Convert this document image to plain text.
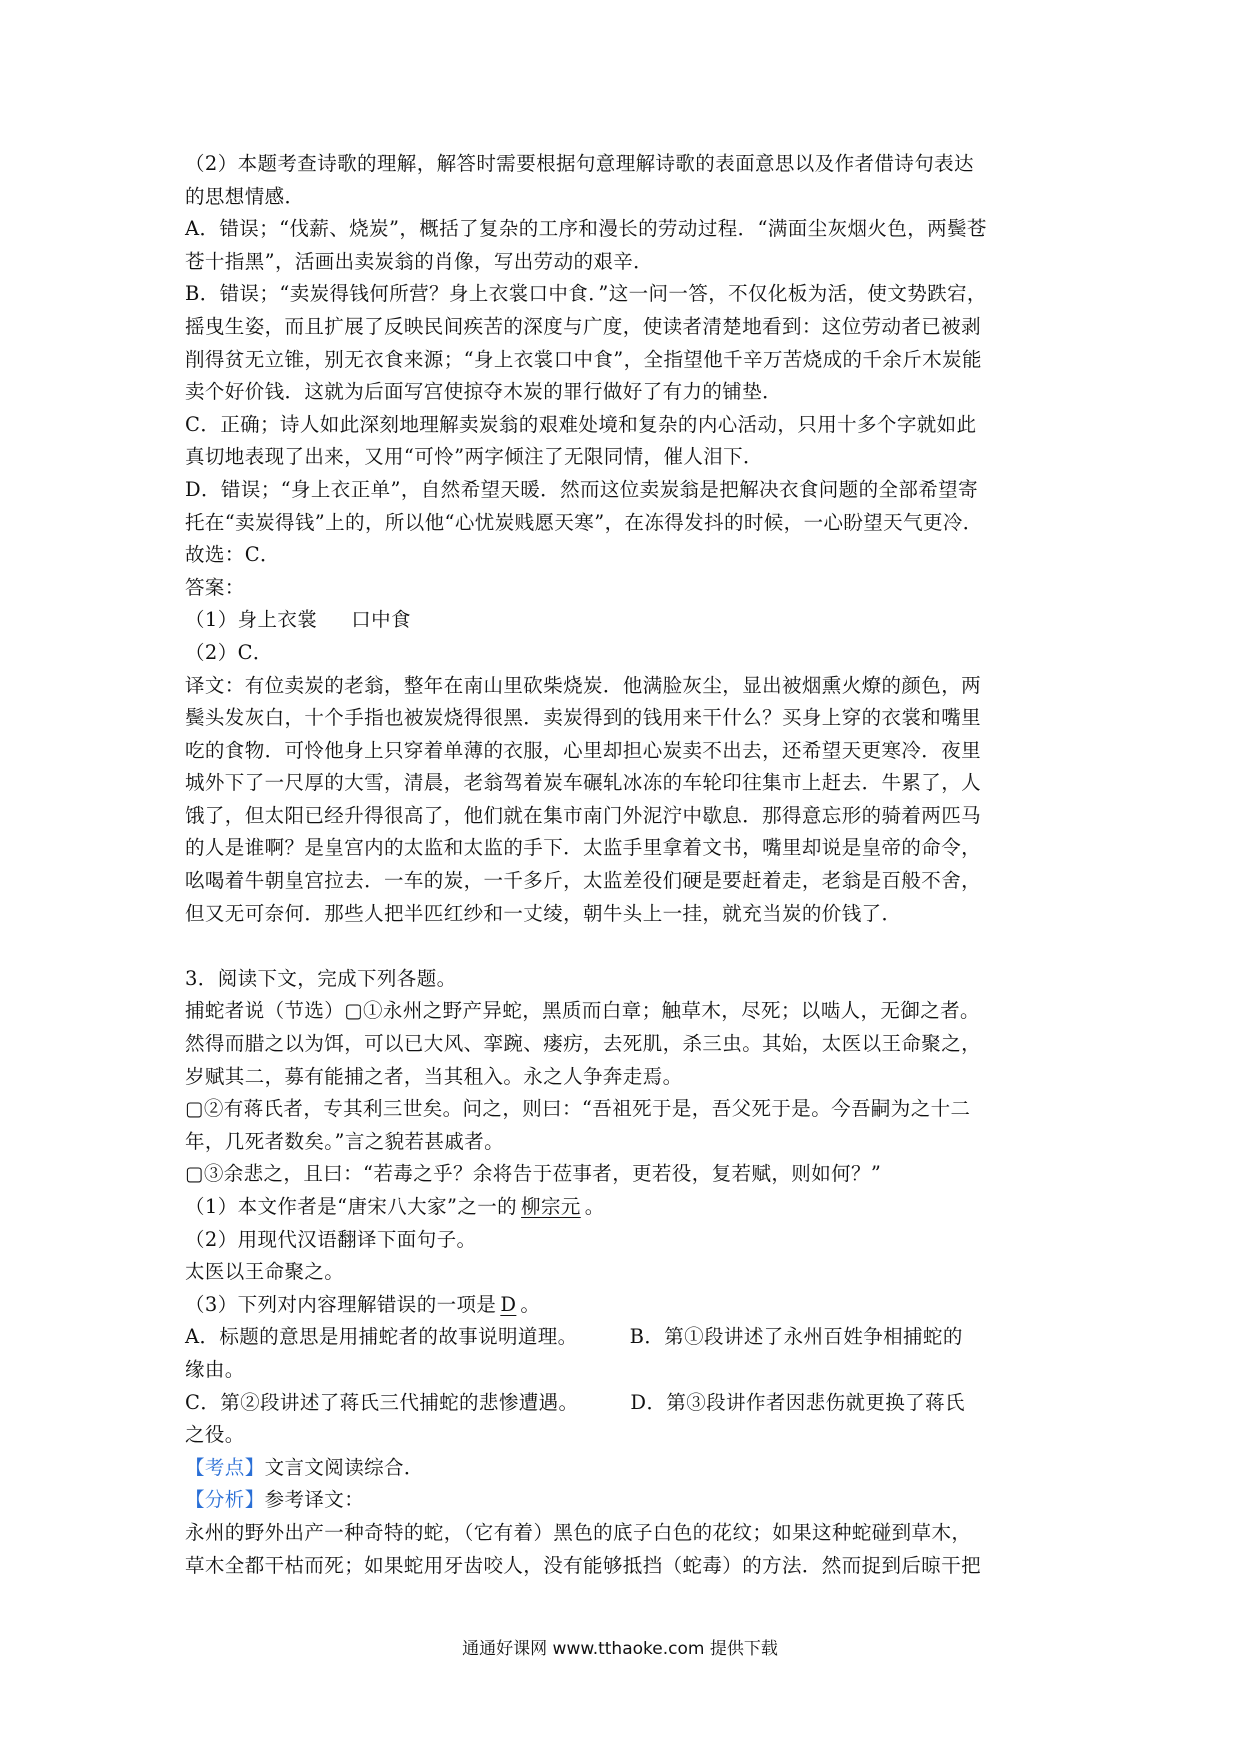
（2）本题考查诗歌的理解，解答时需要根据句意理解诗歌的表面意思以及作者借诗句表达
的思想情感．
A．错误；“伐薪、烧炭”，概括了复杂的工序和漫长的劳动过程．“满面尘灰烟火色，两鬓苍
苍十指黑”，活画出卖炭翁的肖像，写出劳动的艰辛．
B．错误；“卖炭得钱何所营？身上衣裳口中食．”这一问一答，不仅化板为活，使文势跌宕，
摇曳生姿，而且扩展了反映民间疾苦的深度与广度，使读者清楚地看到：这位劳动者已被剥
削得贫无立锥，别无衣食来源；“身上衣裳口中食”，全指望他千辛万苦烧成的千余斤木炭能
卖个好价钱．这就为后面写宫使掠夺木炭的罪行做好了有力的铺垫．
C．正确；诗人如此深刻地理解卖炭翁的艰难处境和复杂的内心活动，只用十多个字就如此
真切地表现了出来，又用“可怜”两字倾注了无限同情，催人泪下．
D．错误；“身上衣正单”，自然希望天暖．然而这位卖炭翁是把解决衣食问题的全部希望寄
托在“卖炭得钱”上的，所以他“心忧炭贱愿天寒”，在冻得发抖的时候，一心盼望天气更冷．
故选：C．
答案：
（1）身上衣裳 口中食
（2）C．
译文：有位卖炭的老翁，整年在南山里砍柴烧炭．他满脸灰尘，显出被烟熏火燎的颜色，两
鬓头发灰白，十个手指也被炭烧得很黑．卖炭得到的钱用来干什么？买身上穿的衣裳和嘴里
吃的食物．可怜他身上只穿着单薄的衣服，心里却担心炭卖不出去，还希望天更寒冷．夜里
城外下了一尺厚的大雪，清晨，老翁驾着炭车碾轧冰冻的车轮印往集市上赶去．牛累了，人
饿了，但太阳已经升得很高了，他们就在集市南门外泥泞中歇息．那得意忘形的骑着两匹马
的人是谁啊？是皇宫内的太监和太监的手下．太监手里拿着文书，嘴里却说是皇帝的命令，
吆喝着牛朝皇宫拉去．一车的炭，一千多斤，太监差役们硬是要赶着走，老翁是百般不舍，
但又无可奈何．那些人把半匹红纱和一丈绫，朝牛头上一挂，就充当炭的价钱了．
3．阅读下文，完成下列各题。
捕蛇者说（节选）▢①永州之野产异蛇，黑质而白章；触草木，尽死；以啮人，无御之者。
然得而腊之以为饵，可以已大风、挛踠、瘘疠，去死肌，杀三虫。其始，太医以王命聚之，
岁赋其二，募有能捕之者，当其租入。永之人争奔走焉。
▢②有蒋氏者，专其利三世矣。问之，则曰：“吾祖死于是，吾父死于是。今吾嗣为之十二
年，几死者数矣。”言之貌若甚戚者。
▢③余悲之，且曰：“若毒之乎？余将告于莅事者，更若役，复若赋，则如何？”
（1）本文作者是“唐宋八大家”之一的 柳宗元 。
（2）用现代汉语翻译下面句子。
太医以王命聚之。
（3）下列对内容理解错误的一项是 D 。
A．标题的意思是用捕蛇者的故事说明道理。	B．第①段讲述了永州百姓争相捕蛇的
缘由。
C．第②段讲述了蒋氏三代捕蛇的悲惨遭遇。	D．第③段讲作者因悲伤就更换了蒋氏
之役。
【考点】文言文阅读综合．
【分析】参考译文：
永州的野外出产一种奇特的蛇，（它有着）黑色的底子白色的花纹；如果这种蛇碰到草木，
草木全都干枯而死；如果蛇用牙齿咬人，没有能够抵挡（蛇毒）的方法．然而捉到后晾干把
通通好课网 www.tthaoke.com 提供下载
